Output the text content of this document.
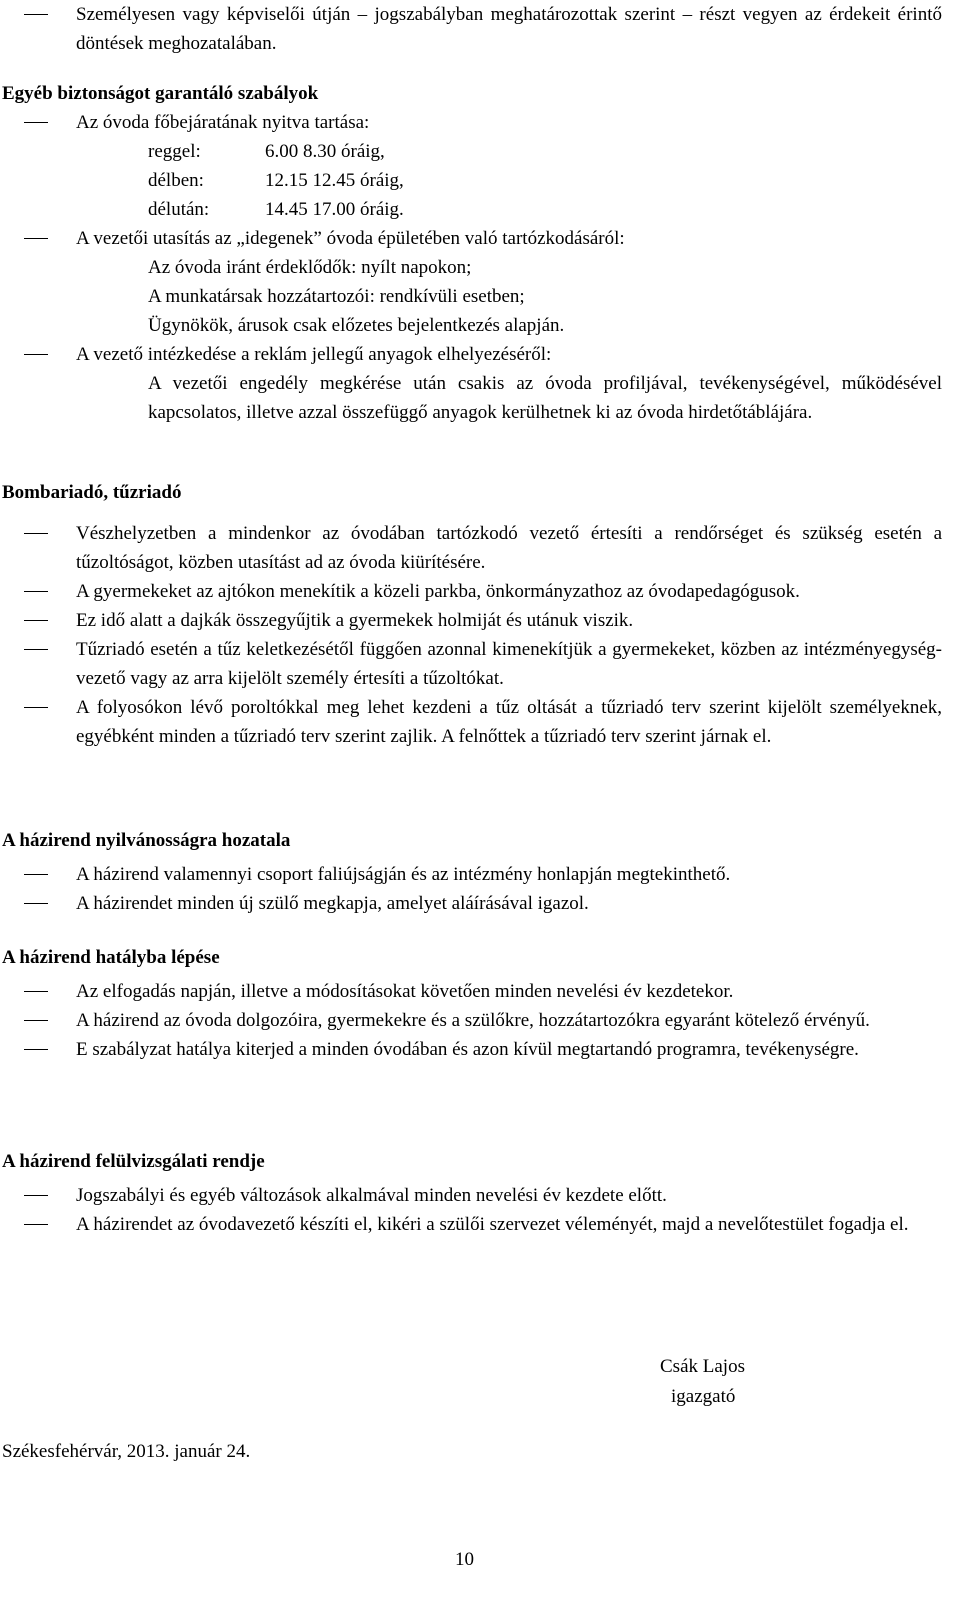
Személyesen vagy képviselői útján – jogszabályban meghatározottak szerint – részt vegyen az érdekeit érintő döntések meghozatalában.
Egyéb biztonságot garantáló szabályok
Az óvoda főbejáratának nyitva tartása:
reggel:	6.00 8.30 óráig,
délben:	12.15 12.45 óráig,
délután:	14.45 17.00 óráig.
A vezetői utasítás az „idegenek” óvoda épületében való tartózkodásáról:
Az óvoda iránt érdeklődők: nyílt napokon;
A munkatársak hozzátartozói: rendkívüli esetben;
Ügynökök, árusok csak előzetes bejelentkezés alapján.
A vezető intézkedése a reklám jellegű anyagok elhelyezéséről:
A vezetői engedély megkérése után csakis az óvoda profiljával, tevékenységével, működésével kapcsolatos, illetve azzal összefüggő anyagok kerülhetnek ki az óvoda hirdetőtáblájára.
Bombariadó, tűzriadó
Vészhelyzetben a mindenkor az óvodában tartózkodó vezető értesíti a rendőrséget és szükség esetén a tűzoltóságot, közben utasítást ad az óvoda kiürítésére.
A gyermekeket az ajtókon menekítik a közeli parkba, önkormányzathoz az óvodapedagógusok.
Ez idő alatt a dajkák összegyűjtik a gyermekek holmiját és utánuk viszik.
Tűzriadó esetén a tűz keletkezésétől függően azonnal kimenekítjük a gyermekeket, közben az intézményegység-vezető vagy az arra kijelölt személy értesíti a tűzoltókat.
A folyosókon lévő poroltókkal meg lehet kezdeni a tűz oltását a tűzriadó terv szerint kijelölt személyeknek, egyébként minden a tűzriadó terv szerint zajlik. A felnőttek a tűzriadó terv szerint járnak el.
A házirend nyilvánosságra hozatala
A házirend valamennyi csoport faliújságján és az intézmény honlapján megtekinthető.
A házirendet minden új szülő megkapja, amelyet aláírásával igazol.
A házirend hatályba lépése
Az elfogadás napján, illetve a módosításokat követően minden nevelési év kezdetekor.
A házirend az óvoda dolgozóira, gyermekekre és a szülőkre, hozzátartozókra egyaránt kötelező érvényű.
E szabályzat hatálya kiterjed a minden óvodában és azon kívül megtartandó programra, tevékenységre.
A házirend felülvizsgálati rendje
Jogszabályi és egyéb változások alkalmával minden nevelési év kezdete előtt.
A házirendet az óvodavezető készíti el, kikéri a szülői szervezet véleményét, majd a nevelőtestület fogadja el.
Csák Lajos
igazgató
Székesfehérvár, 2013. január 24.
10
